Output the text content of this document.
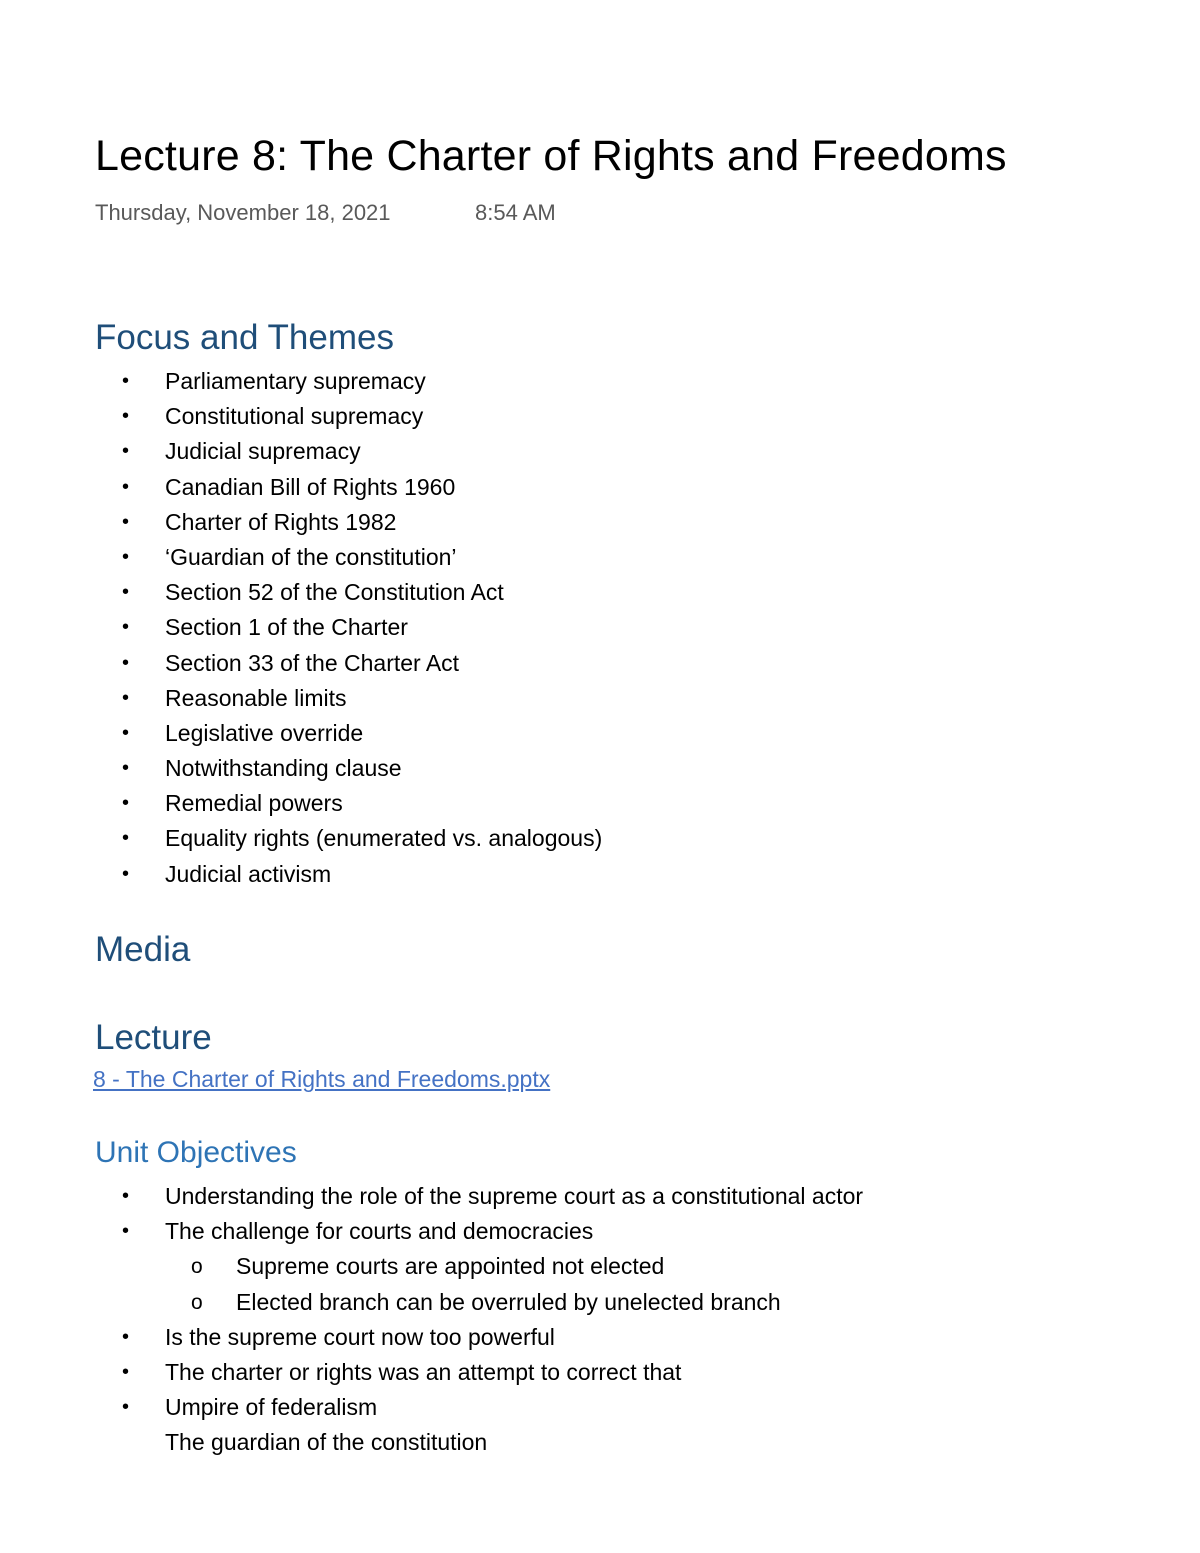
Lecture 8: The Charter of Rights and Freedoms
Thursday, November 18, 2021	8:54 AM
Focus and Themes
• Parliamentary supremacy
• Constitutional supremacy
• Judicial supremacy
• Canadian Bill of Rights 1960
• Charter of Rights 1982
• ‘Guardian of the constitution’
• Section 52 of the Constitution Act
• Section 1 of the Charter
• Section 33 of the Charter Act
• Reasonable limits
• Legislative override
• Notwithstanding clause
• Remedial powers
• Equality rights (enumerated vs. analogous)
• Judicial activism
Media
Lecture
8 - The Charter of Rights and Freedoms.pptx
Unit Objectives
• Understanding the role of the supreme court as a constitutional actor
• The challenge for courts and democracies
o Supreme courts are appointed not elected
o Elected branch can be overruled by unelected branch
• Is the supreme court now too powerful
• The charter or rights was an attempt to correct that
• Umpire of federalism
The guardian of the constitution
